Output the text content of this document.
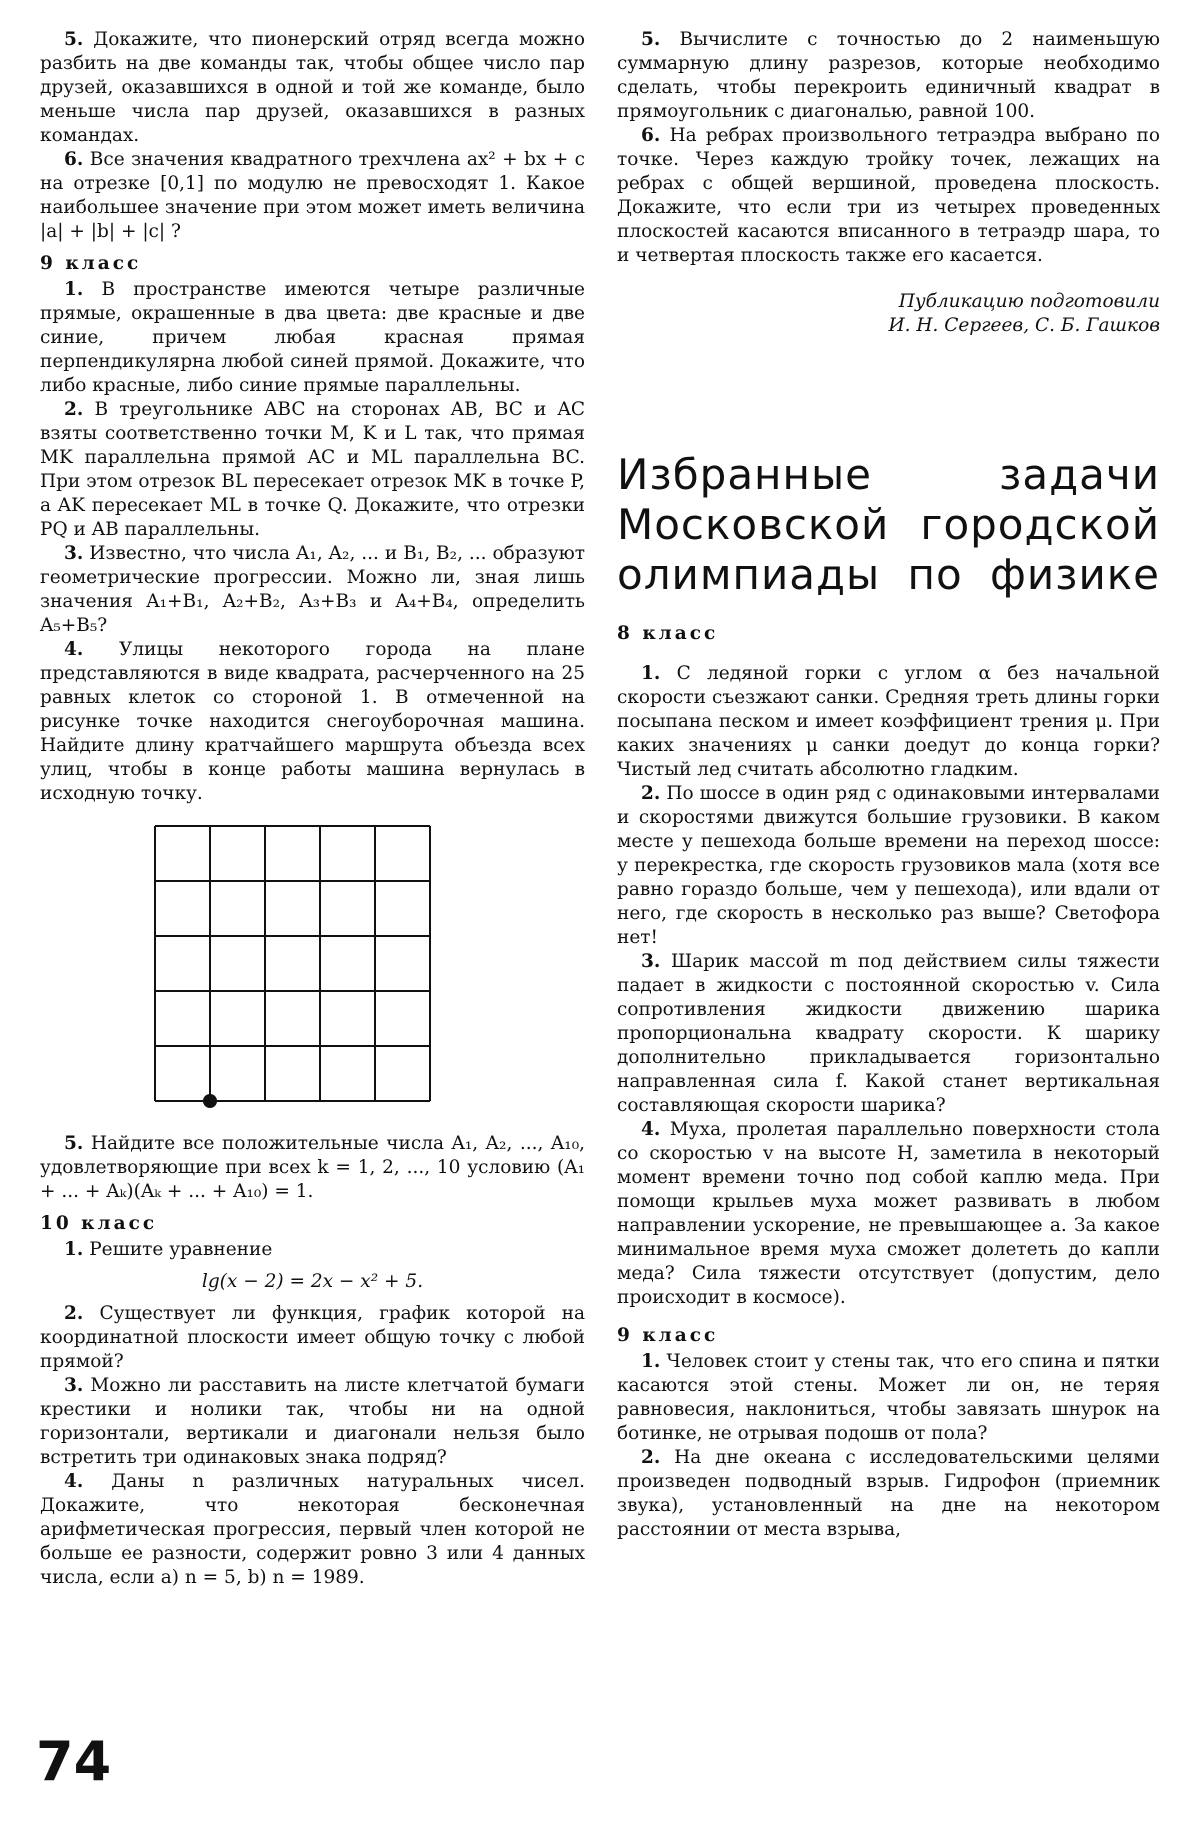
5. Докажите, что пионерский отряд всегда можно разбить на две команды так, чтобы общее число пар друзей, оказавшихся в одной и той же команде, было меньше числа пар друзей, оказавшихся в разных командах.

6. Все значения квадратного трехчлена ax² + bx + c на отрезке [0,1] по модулю не превосходят 1. Какое наибольшее значение при этом может иметь величина |a| + |b| + |c| ?

9 класс

1. В пространстве имеются четыре различные прямые, окрашенные в два цвета: две красные и две синие, причем любая красная прямая перпендикулярна любой синей прямой. Докажите, что либо красные, либо синие прямые параллельны.

2. В треугольнике ABC на сторонах AB, BC и AC взяты соответственно точки M, K и L так, что прямая MK параллельна прямой AC и ML параллельна BC. При этом отрезок BL пересекает отрезок MK в точке P, а AK пересекает ML в точке Q. Докажите, что отрезки PQ и AB параллельны.

3. Известно, что числа A₁, A₂, ... и B₁, B₂, ... образуют геометрические прогрессии. Можно ли, зная лишь значения A₁+B₁, A₂+B₂, A₃+B₃ и A₄+B₄, определить A₅+B₅?

4. Улицы некоторого города на плане представляются в виде квадрата, расчерченного на 25 равных клеток со стороной 1. В отмеченной на рисунке точке находится снегоуборочная машина. Найдите длину кратчайшего маршрута объезда всех улиц, чтобы в конце работы машина вернулась в исходную точку.

5. Найдите все положительные числа A₁, A₂, ..., A₁₀, удовлетворяющие при всех k = 1, 2, ..., 10 условию (A₁ + ... + Aₖ)(Aₖ + ... + A₁₀) = 1.

10 класс

1. Решите уравнение

lg(x − 2) = 2x − x² + 5.

2. Существует ли функция, график которой на координатной плоскости имеет общую точку с любой прямой?

3. Можно ли расставить на листе клетчатой бумаги крестики и нолики так, чтобы ни на одной горизонтали, вертикали и диагонали нельзя было встретить три одинаковых знака подряд?

4. Даны n различных натуральных чисел. Докажите, что некоторая бесконечная арифметическая прогрессия, первый член которой не больше ее разности, содержит ровно 3 или 4 данных числа, если а) n = 5, b) n = 1989.

5. Вычислите с точностью до 2 наименьшую суммарную длину разрезов, которые необходимо сделать, чтобы перекроить единичный квадрат в прямоугольник с диагональю, равной 100.

6. На ребрах произвольного тетраэдра выбрано по точке. Через каждую тройку точек, лежащих на ребрах с общей вершиной, проведена плоскость. Докажите, что если три из четырех проведенных плоскостей касаются вписанного в тетраэдр шара, то и четвертая плоскость также его касается.

Публикацию подготовили
И. Н. Сергеев, С. Б. Гашков
Избранные задачи
Московской городской
олимпиады по физике

8 класс

1. С ледяной горки с углом α без начальной скорости съезжают санки. Средняя треть длины горки посыпана песком и имеет коэффициент трения μ. При каких значениях μ санки доедут до конца горки? Чистый лед считать абсолютно гладким.

2. По шоссе в один ряд с одинаковыми интервалами и скоростями движутся большие грузовики. В каком месте у пешехода больше времени на переход шоссе: у перекрестка, где скорость грузовиков мала (хотя все равно гораздо больше, чем у пешехода), или вдали от него, где скорость в несколько раз выше? Светофора нет!

3. Шарик массой m под действием силы тяжести падает в жидкости с постоянной скоростью v. Сила сопротивления жидкости движению шарика пропорциональна квадрату скорости. К шарику дополнительно прикладывается горизонтально направленная сила f. Какой станет вертикальная составляющая скорости шарика?

4. Муха, пролетая параллельно поверхности стола со скоростью v на высоте H, заметила в некоторый момент времени точно под собой каплю меда. При помощи крыльев муха может развивать в любом направлении ускорение, не превышающее a. За какое минимальное время муха сможет долететь до капли меда? Сила тяжести отсутствует (допустим, дело происходит в космосе).

9 класс

1. Человек стоит у стены так, что его спина и пятки касаются этой стены. Может ли он, не теряя равновесия, наклониться, чтобы завязать шнурок на ботинке, не отрывая подошв от пола?

2. На дне океана с исследовательскими целями произведен подводный взрыв. Гидрофон (приемник звука), установленный на дне на некотором расстоянии от места взрыва,

74
